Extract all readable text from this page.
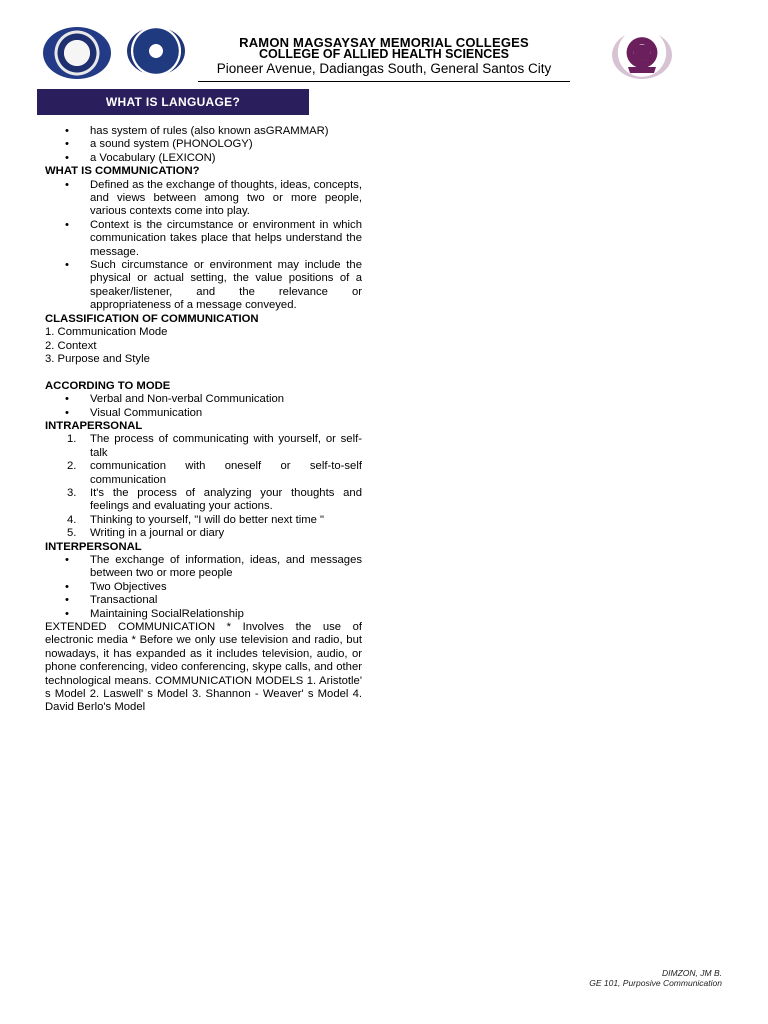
RAMON MAGSAYSAY MEMORIAL COLLEGES
COLLEGE OF ALLIED HEALTH SCIENCES
Pioneer Avenue, Dadiangas South, General Santos City
WHAT IS LANGUAGE?
• has system of rules (also known asGRAMMAR)
• a sound system (PHONOLOGY)
• a Vocabulary (LEXICON)
WHAT IS COMMUNICATION?
• Defined as the exchange of thoughts, ideas, concepts, and views between among two or more people, various contexts come into play.
• Context is the circumstance or environment in which communication takes place that helps understand the message.
• Such circumstance or environment may include the physical or actual setting, the value positions of a speaker/listener, and the relevance or appropriateness of a message conveyed.
CLASSIFICATION OF COMMUNICATION
1. Communication Mode
2. Context
3. Purpose and Style
ACCORDING TO MODE
• Verbal and Non-verbal Communication
• Visual Communication
INTRAPERSONAL
1. The process of communicating with yourself, or self-talk
2. communication with oneself or self-to-self communication
3. It's the process of analyzing your thoughts and feelings and evaluating your actions.
4. Thinking to yourself, "I will do better next time "
5. Writing in a journal or diary
INTERPERSONAL
• The exchange of information, ideas, and messages between two or more people
• Two Objectives
• Transactional
• Maintaining SocialRelationship
EXTENDED COMMUNICATION * Involves the use of electronic media * Before we only use television and radio, but nowadays, it has expanded as it includes television, audio, or phone conferencing, video conferencing, skype calls, and other technological means. COMMUNICATION MODELS 1. Aristotle' s Model 2. Laswell' s Model 3. Shannon - Weaver' s Model 4. David Berlo's Model
DIMZON, JM B.
GE 101, Purposive Communication
